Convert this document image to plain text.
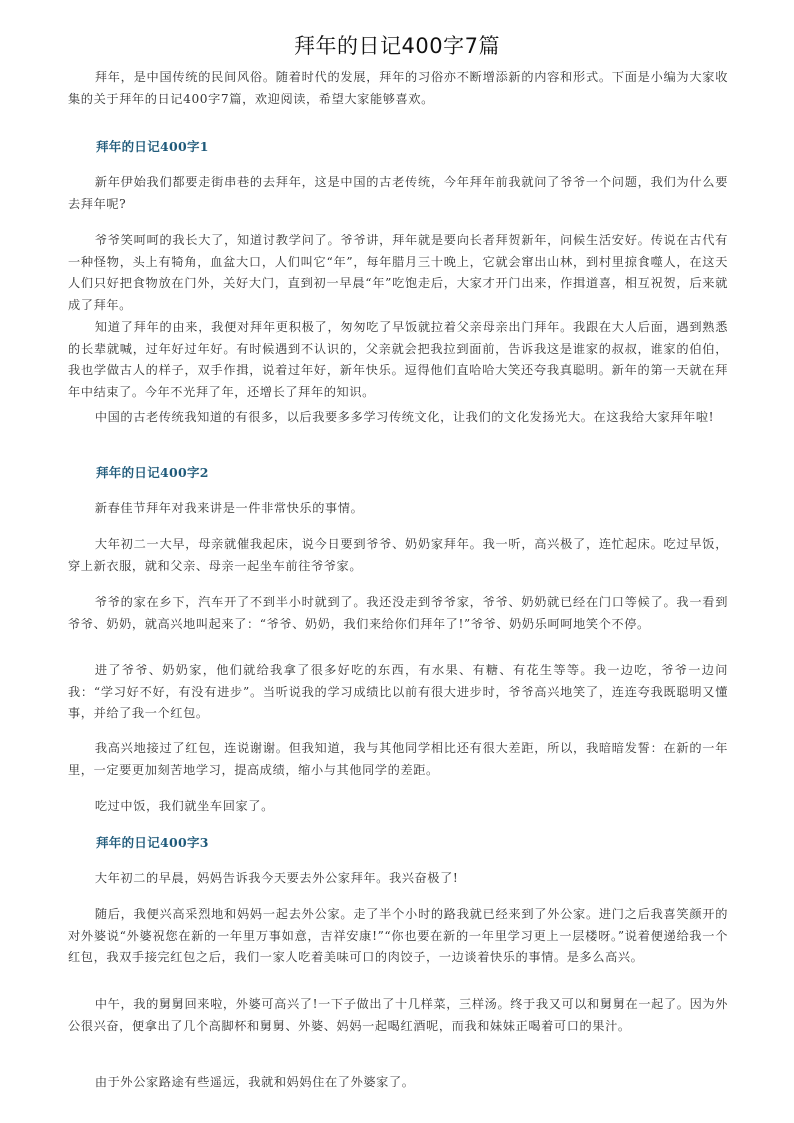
拜年的日记400字7篇

拜年，是中国传统的民间风俗。随着时代的发展，拜年的习俗亦不断增添新的内容和形式。下面是小编为大家收集的关于拜年的日记400字7篇，欢迎阅读，希望大家能够喜欢。

拜年的日记400字1

新年伊始我们都要走街串巷的去拜年，这是中国的古老传统，今年拜年前我就问了爷爷一个问题，我们为什么要去拜年呢?

爷爷笑呵呵的我长大了，知道讨教学问了。爷爷讲，拜年就是要向长者拜贺新年，问候生活安好。传说在古代有一种怪物，头上有犄角，血盆大口，人们叫它“年”，每年腊月三十晚上，它就会窜出山林，到村里掠食噬人，在这天人们只好把食物放在门外，关好大门，直到初一早晨“年”吃饱走后，大家才开门出来，作揖道喜，相互祝贺，后来就成了拜年。

知道了拜年的由来，我便对拜年更积极了，匆匆吃了早饭就拉着父亲母亲出门拜年。我跟在大人后面，遇到熟悉的长辈就喊，过年好过年好。有时候遇到不认识的，父亲就会把我拉到面前，告诉我这是谁家的叔叔，谁家的伯伯，我也学做古人的样子，双手作揖，说着过年好，新年快乐。逗得他们直哈哈大笑还夸我真聪明。新年的第一天就在拜年中结束了。今年不光拜了年，还增长了拜年的知识。

中国的古老传统我知道的有很多，以后我要多多学习传统文化，让我们的文化发扬光大。在这我给大家拜年啦!

拜年的日记400字2

新春佳节拜年对我来讲是一件非常快乐的事情。

大年初二一大早，母亲就催我起床，说今日要到爷爷、奶奶家拜年。我一听，高兴极了，连忙起床。吃过早饭，穿上新衣服，就和父亲、母亲一起坐车前往爷爷家。

爷爷的家在乡下，汽车开了不到半小时就到了。我还没走到爷爷家，爷爷、奶奶就已经在门口等候了。我一看到爷爷、奶奶，就高兴地叫起来了：“爷爷、奶奶，我们来给你们拜年了!”爷爷、奶奶乐呵呵地笑个不停。

进了爷爷、奶奶家，他们就给我拿了很多好吃的东西，有水果、有糖、有花生等等。我一边吃，爷爷一边问我：“学习好不好，有没有进步”。当听说我的学习成绩比以前有很大进步时，爷爷高兴地笑了，连连夸我既聪明又懂事，并给了我一个红包。

我高兴地接过了红包，连说谢谢。但我知道，我与其他同学相比还有很大差距，所以，我暗暗发誓：在新的一年里，一定要更加刻苦地学习，提高成绩，缩小与其他同学的差距。

吃过中饭，我们就坐车回家了。

拜年的日记400字3

大年初二的早晨，妈妈告诉我今天要去外公家拜年。我兴奋极了!

随后，我便兴高采烈地和妈妈一起去外公家。走了半个小时的路我就已经来到了外公家。进门之后我喜笑颜开的对外婆说“外婆祝您在新的一年里万事如意，吉祥安康!”“你也要在新的一年里学习更上一层楼呀。”说着便递给我一个红包，我双手接完红包之后，我们一家人吃着美味可口的肉饺子，一边谈着快乐的事情。是多么高兴。

中午，我的舅舅回来啦，外婆可高兴了!一下子做出了十几样菜，三样汤。终于我又可以和舅舅在一起了。因为外公很兴奋，便拿出了几个高脚杯和舅舅、外婆、妈妈一起喝红酒呢，而我和妹妹正喝着可口的果汁。

由于外公家路途有些遥远，我就和妈妈住在了外婆家了。
